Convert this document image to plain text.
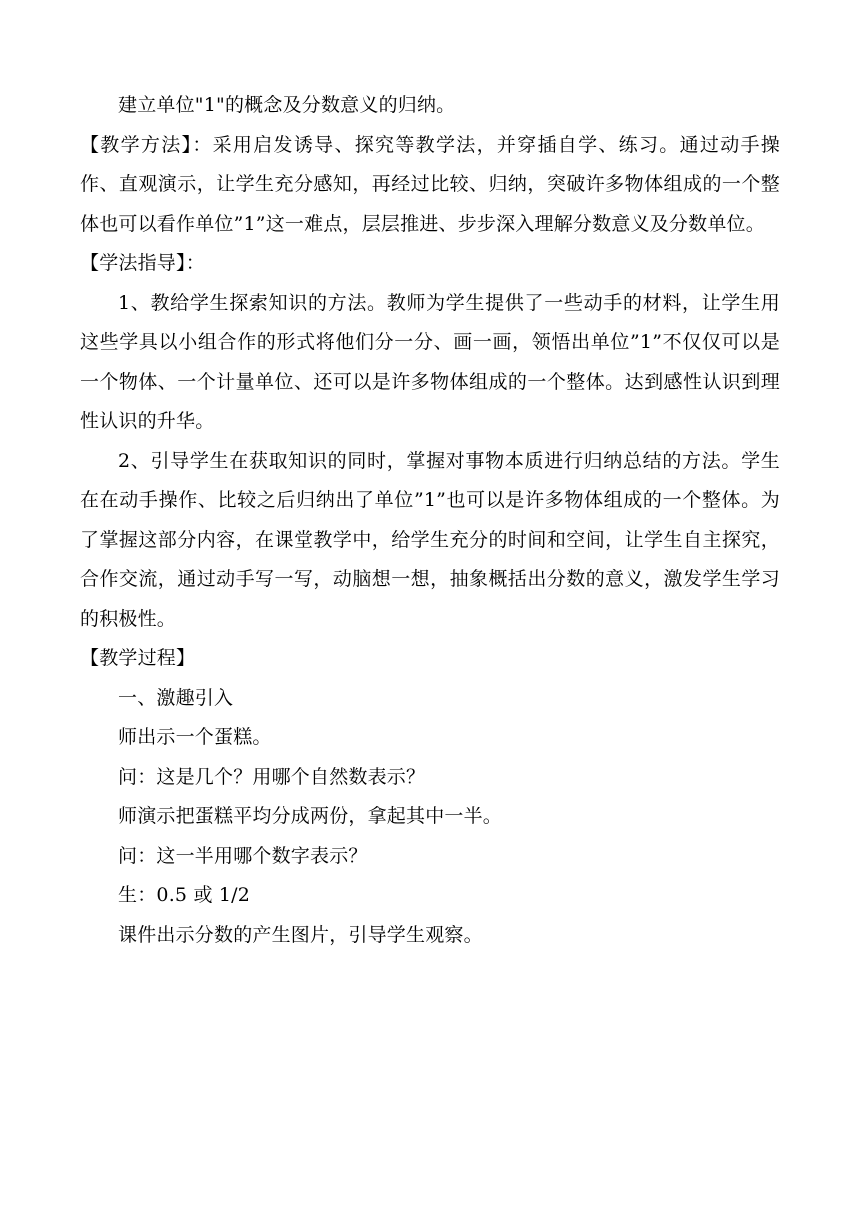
建立单位"1"的概念及分数意义的归纳。

【教学方法】：采用启发诱导、探究等教学法，并穿插自学、练习。通过动手操作、直观演示，让学生充分感知，再经过比较、归纳，突破许多物体组成的一个整体也可以看作单位”1”这一难点，层层推进、步步深入理解分数意义及分数单位。

【学法指导】：

1、教给学生探索知识的方法。教师为学生提供了一些动手的材料，让学生用这些学具以小组合作的形式将他们分一分、画一画，领悟出单位”1”不仅仅可以是一个物体、一个计量单位、还可以是许多物体组成的一个整体。达到感性认识到理性认识的升华。

2、引导学生在获取知识的同时，掌握对事物本质进行归纳总结的方法。学生在在动手操作、比较之后归纳出了单位”1”也可以是许多物体组成的一个整体。为了掌握这部分内容，在课堂教学中，给学生充分的时间和空间，让学生自主探究，合作交流，通过动手写一写，动脑想一想，抽象概括出分数的意义，激发学生学习的积极性。

【教学过程】

一、激趣引入

师出示一个蛋糕。

问：这是几个？用哪个自然数表示？

师演示把蛋糕平均分成两份，拿起其中一半。

问：这一半用哪个数字表示？

生：0.5 或 1/2

课件出示分数的产生图片，引导学生观察。
